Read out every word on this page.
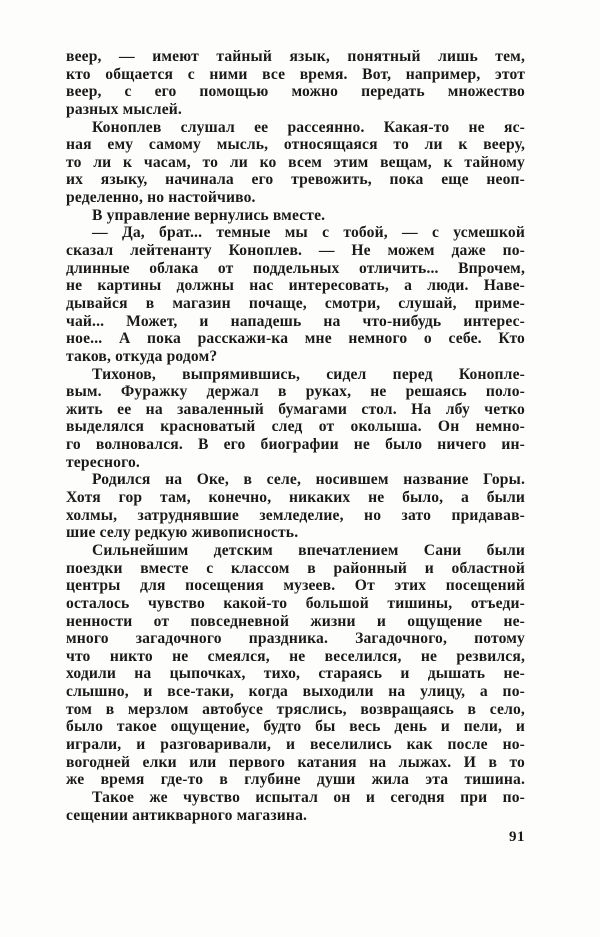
веер, — имеют тайный язык, понятный лишь тем,
кто общается с ними все время. Вот, например, этот
веер, с его помощью можно передать множество
разных мыслей.
Коноплев слушал ее рассеянно. Какая-то не яс-
ная ему самому мысль, относящаяся то ли к вееру,
то ли к часам, то ли ко всем этим вещам, к тайному
их языку, начинала его тревожить, пока еще неоп-
ределенно, но настойчиво.
В управление вернулись вместе.
— Да, брат... темные мы с тобой, — с усмешкой
сказал лейтенанту Коноплев. — Не можем даже по-
длинные облака от поддельных отличить... Впрочем,
не картины должны нас интересовать, а люди. Наве-
дывайся в магазин почаще, смотри, слушай, приме-
чай... Может, и нападешь на что-нибудь интерес-
ное... А пока расскажи-ка мне немного о себе. Кто
таков, откуда родом?
Тихонов, выпрямившись, сидел перед Конопле-
вым. Фуражку держал в руках, не решаясь поло-
жить ее на заваленный бумагами стол. На лбу четко
выделялся красноватый след от околыша. Он немно-
го волновался. В его биографии не было ничего ин-
тересного.
Родился на Оке, в селе, носившем название Горы.
Хотя гор там, конечно, никаких не было, а были
холмы, затруднявшие земледелие, но зато придавав-
шие селу редкую живописность.
Сильнейшим детским впечатлением Сани были
поездки вместе с классом в районный и областной
центры для посещения музеев. От этих посещений
осталось чувство какой-то большой тишины, отъеди-
ненности от повседневной жизни и ощущение не-
много загадочного праздника. Загадочного, потому
что никто не смеялся, не веселился, не резвился,
ходили на цыпочках, тихо, стараясь и дышать не-
слышно, и все-таки, когда выходили на улицу, а по-
том в мерзлом автобусе тряслись, возвращаясь в село,
было такое ощущение, будто бы весь день и пели, и
играли, и разговаривали, и веселились как после но-
вогодней елки или первого катания на лыжах. И в то
же время где-то в глубине души жила эта тишина.
Такое же чувство испытал он и сегодня при по-
сещении антикварного магазина.
91
